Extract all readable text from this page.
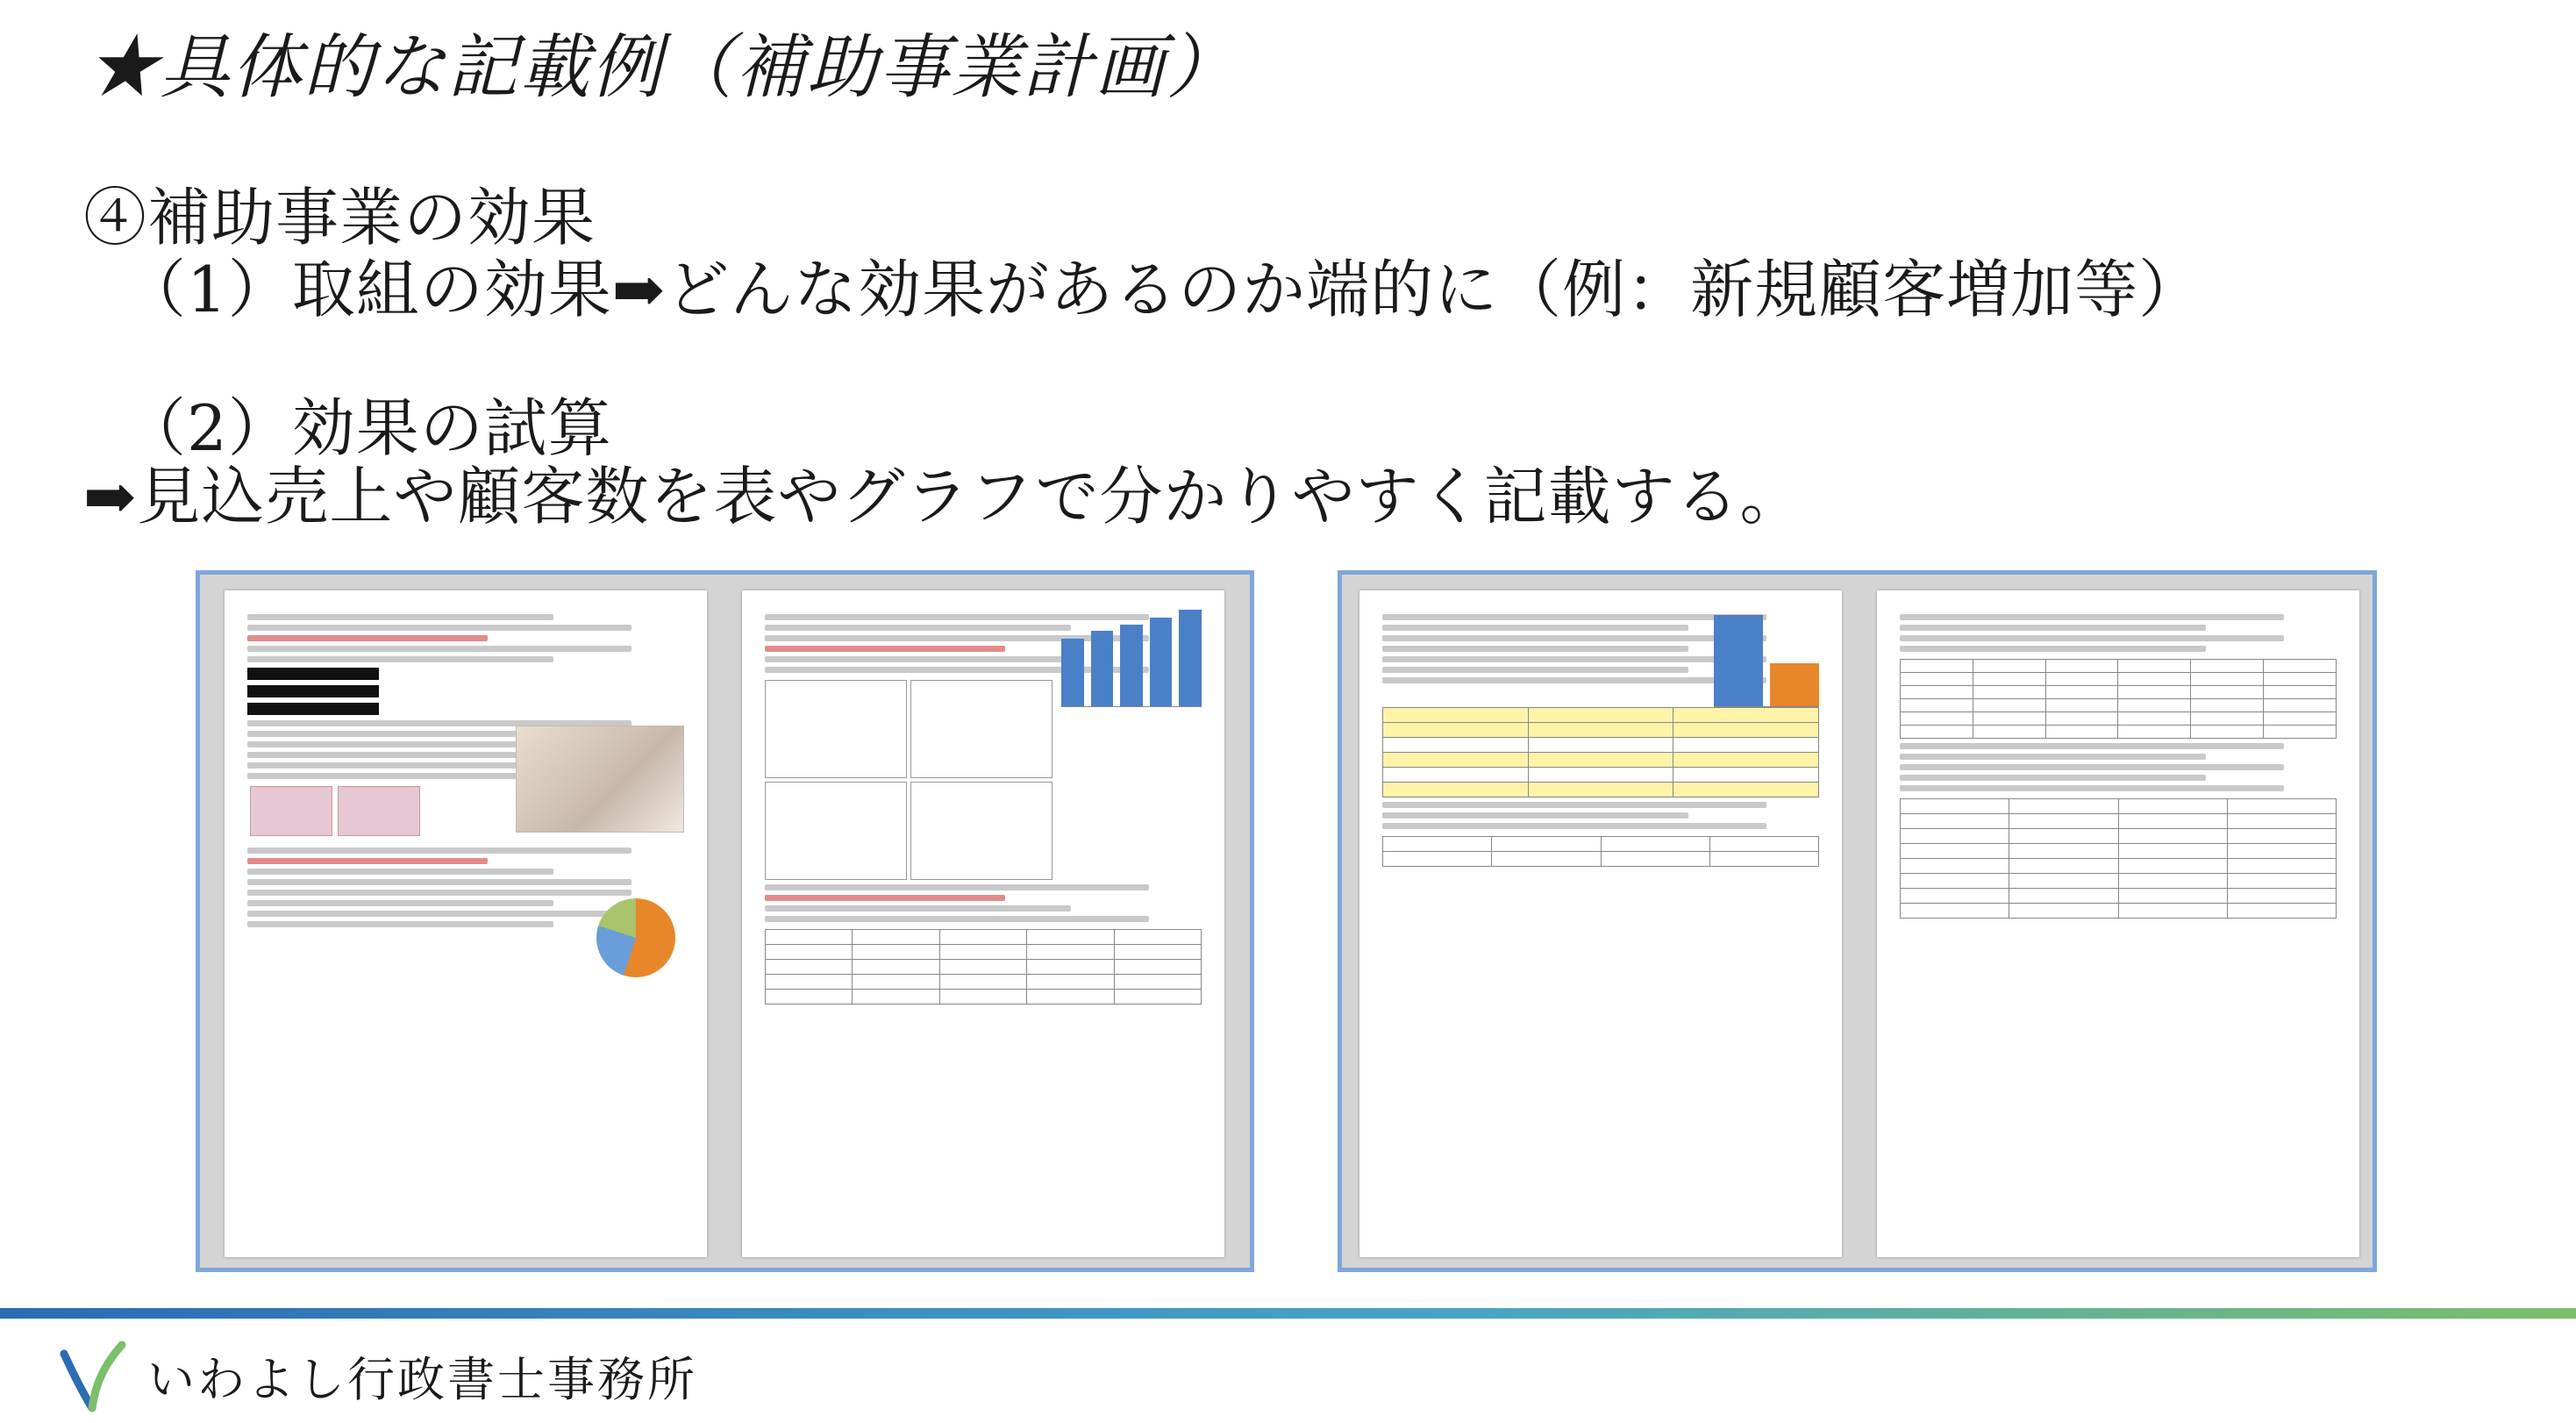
★具体的な記載例（補助事業計画）
④補助事業の効果
（1）取組の効果➡どんな効果があるのか端的に（例：新規顧客増加等）
（2）効果の試算
➡見込売上や顧客数を表やグラフで分かりやすく記載する。

いわよし行政書士事務所
